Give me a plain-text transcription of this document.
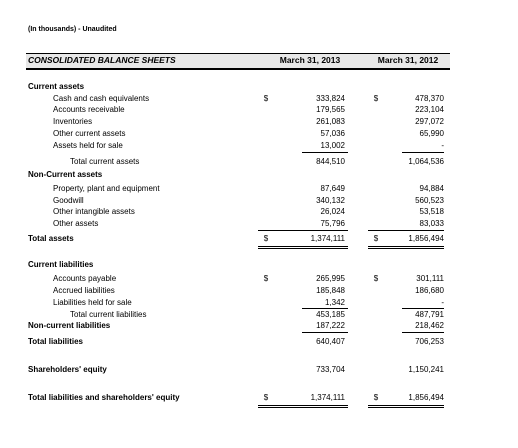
(In thousands) - Unaudited
CONSOLIDATED BALANCE SHEETS	March 31, 2013	March 31, 2012
Current assets
Cash and cash equivalents	$	333,824	$	478,370
Accounts receivable	179,565	223,104
Inventories	261,083	297,072
Other current assets	57,036	65,990
Assets held for sale	13,002	-
Total current assets	844,510	1,064,536
Non-Current assets
Property, plant and equipment	87,649	94,884
Goodwill	340,132	560,523
Other intangible assets	26,024	53,518
Other assets	75,796	83,033
Total assets	$	1,374,111	$	1,856,494
Current liabilities
Accounts payable	$	265,995	$	301,111
Accrued liabilities	185,848	186,680
Liabilities held for sale	1,342	-
Total current liabilities	453,185	487,791
Non-current liabilities	187,222	218,462
Total liabilities	640,407	706,253
Shareholders' equity	733,704	1,150,241
Total liabilities and shareholders' equity	$	1,374,111	$	1,856,494
